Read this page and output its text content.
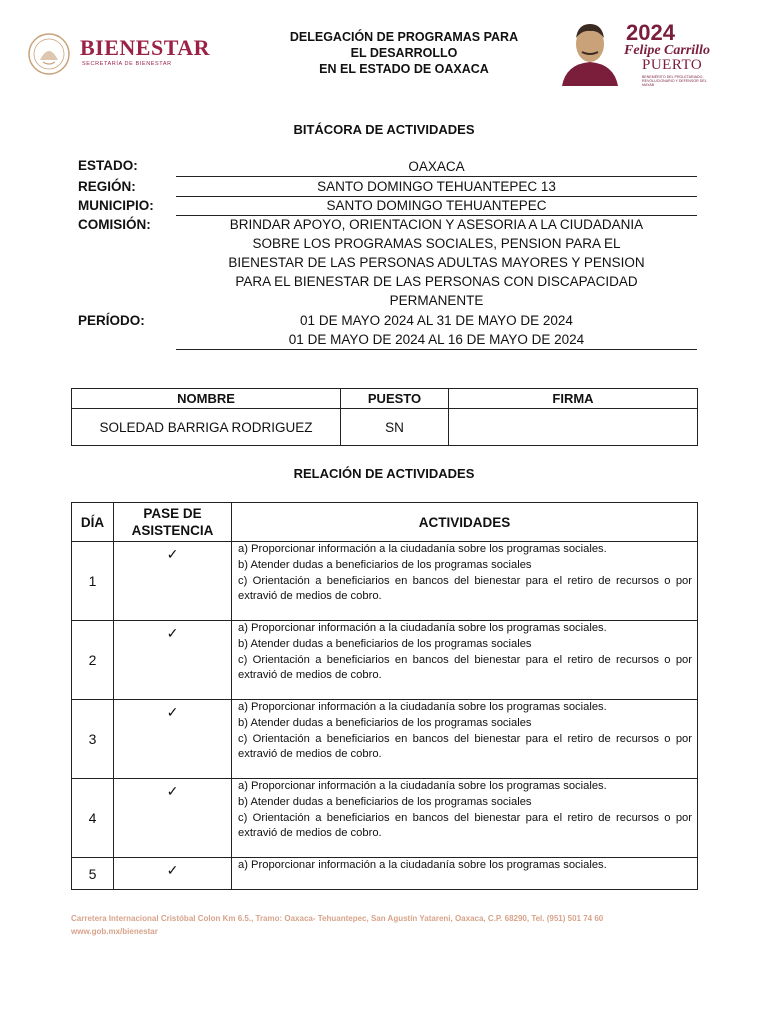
BIENESTAR
SECRETARÍA DE BIENESTAR
DELEGACIÓN DE PROGRAMAS PARA
EL DESARROLLO
EN EL ESTADO DE OAXACA
2024
Felipe Carrillo
PUERTO
BENEMÉRITO DEL PROLETARIADO, REVOLUCIONARIO Y DEFENSOR DEL MAYAB
BITÁCORA DE ACTIVIDADES
ESTADO:	OAXACA
REGIÓN:	SANTO DOMINGO TEHUANTEPEC 13
MUNICIPIO:	SANTO DOMINGO TEHUANTEPEC
COMISIÓN:	BRINDAR APOYO, ORIENTACION Y ASESORIA A LA CIUDADANIA
SOBRE LOS PROGRAMAS SOCIALES, PENSION PARA EL
BIENESTAR DE LAS PERSONAS ADULTAS MAYORES Y PENSION
PARA EL BIENESTAR DE LAS PERSONAS CON DISCAPACIDAD
PERMANENTE
PERÍODO:	01 DE MAYO 2024 AL 31 DE MAYO DE 2024
01 DE MAYO DE 2024 AL 16 DE MAYO DE 2024
NOMBRE	PUESTO	FIRMA
SOLEDAD BARRIGA RODRIGUEZ	SN	
RELACIÓN DE ACTIVIDADES
DÍA	PASE DE ASISTENCIA	ACTIVIDADES
1	✓	a) Proporcionar información a la ciudadanía sobre los programas sociales.

b) Atender dudas a beneficiarios de los programas sociales

c) Orientación a beneficiarios en bancos del bienestar para el retiro de recursos o por extravió de medios de cobro.

2	✓	a) Proporcionar información a la ciudadanía sobre los programas sociales.

b) Atender dudas a beneficiarios de los programas sociales

c) Orientación a beneficiarios en bancos del bienestar para el retiro de recursos o por extravió de medios de cobro.

3	✓	a) Proporcionar información a la ciudadanía sobre los programas sociales.

b) Atender dudas a beneficiarios de los programas sociales

c) Orientación a beneficiarios en bancos del bienestar para el retiro de recursos o por extravió de medios de cobro.

4	✓	a) Proporcionar información a la ciudadanía sobre los programas sociales.

b) Atender dudas a beneficiarios de los programas sociales

c) Orientación a beneficiarios en bancos del bienestar para el retiro de recursos o por extravió de medios de cobro.

5	✓	a) Proporcionar información a la ciudadanía sobre los programas sociales.

Carretera Internacional Cristóbal Colon Km 6.5., Tramo: Oaxaca- Tehuantepec, San Agustín Yatareni, Oaxaca, C.P. 68290, Tel. (951) 501 74 60
www.gob.mx/bienestar
